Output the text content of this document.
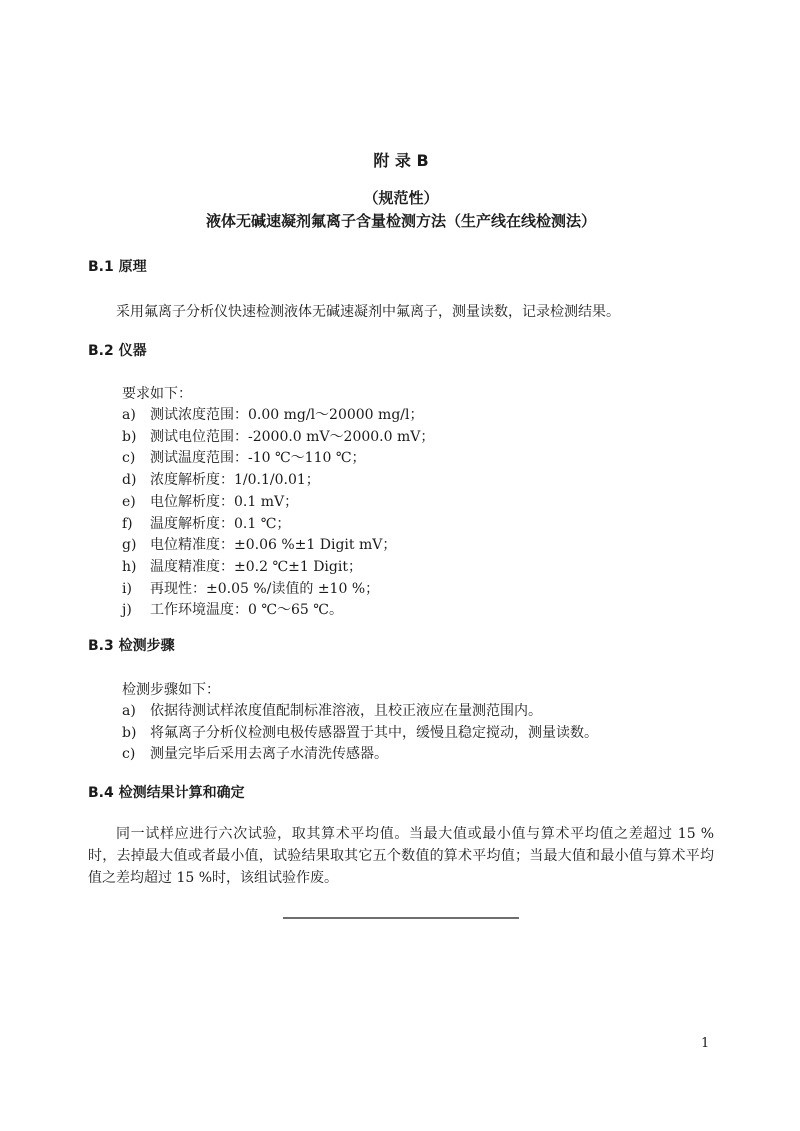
附 录 B
（规范性）
液体无碱速凝剂氟离子含量检测方法（生产线在线检测法）
B.1 原理

采用氟离子分析仪快速检测液体无碱速凝剂中氟离子，测量读数，记录检测结果。

B.2 仪器

要求如下：

a) 测试浓度范围：0.00 mg/l～20000 mg/l；
b) 测试电位范围：-2000.0 mV～2000.0 mV；
c) 测试温度范围：-10 ℃～110 ℃；
d) 浓度解析度：1/0.1/0.01；
e) 电位解析度：0.1 mV；
f) 温度解析度：0.1 ℃；
g) 电位精准度：±0.06 %±1 Digit mV；
h) 温度精准度：±0.2 ℃±1 Digit；
i) 再现性：±0.05 %/读值的 ±10 %；
j) 工作环境温度：0 ℃～65 ℃。
B.3 检测步骤

检测步骤如下：

a) 依据待测试样浓度值配制标准溶液，且校正液应在量测范围内。
b) 将氟离子分析仪检测电极传感器置于其中，缓慢且稳定搅动，测量读数。
c) 测量完毕后采用去离子水清洗传感器。
B.4 检测结果计算和确定

同一试样应进行六次试验，取其算术平均值。当最大值或最小值与算术平均值之差超过 15 %时，去掉最大值或者最小值，试验结果取其它五个数值的算术平均值；当最大值和最小值与算术平均值之差均超过 15 %时，该组试验作废。

1
